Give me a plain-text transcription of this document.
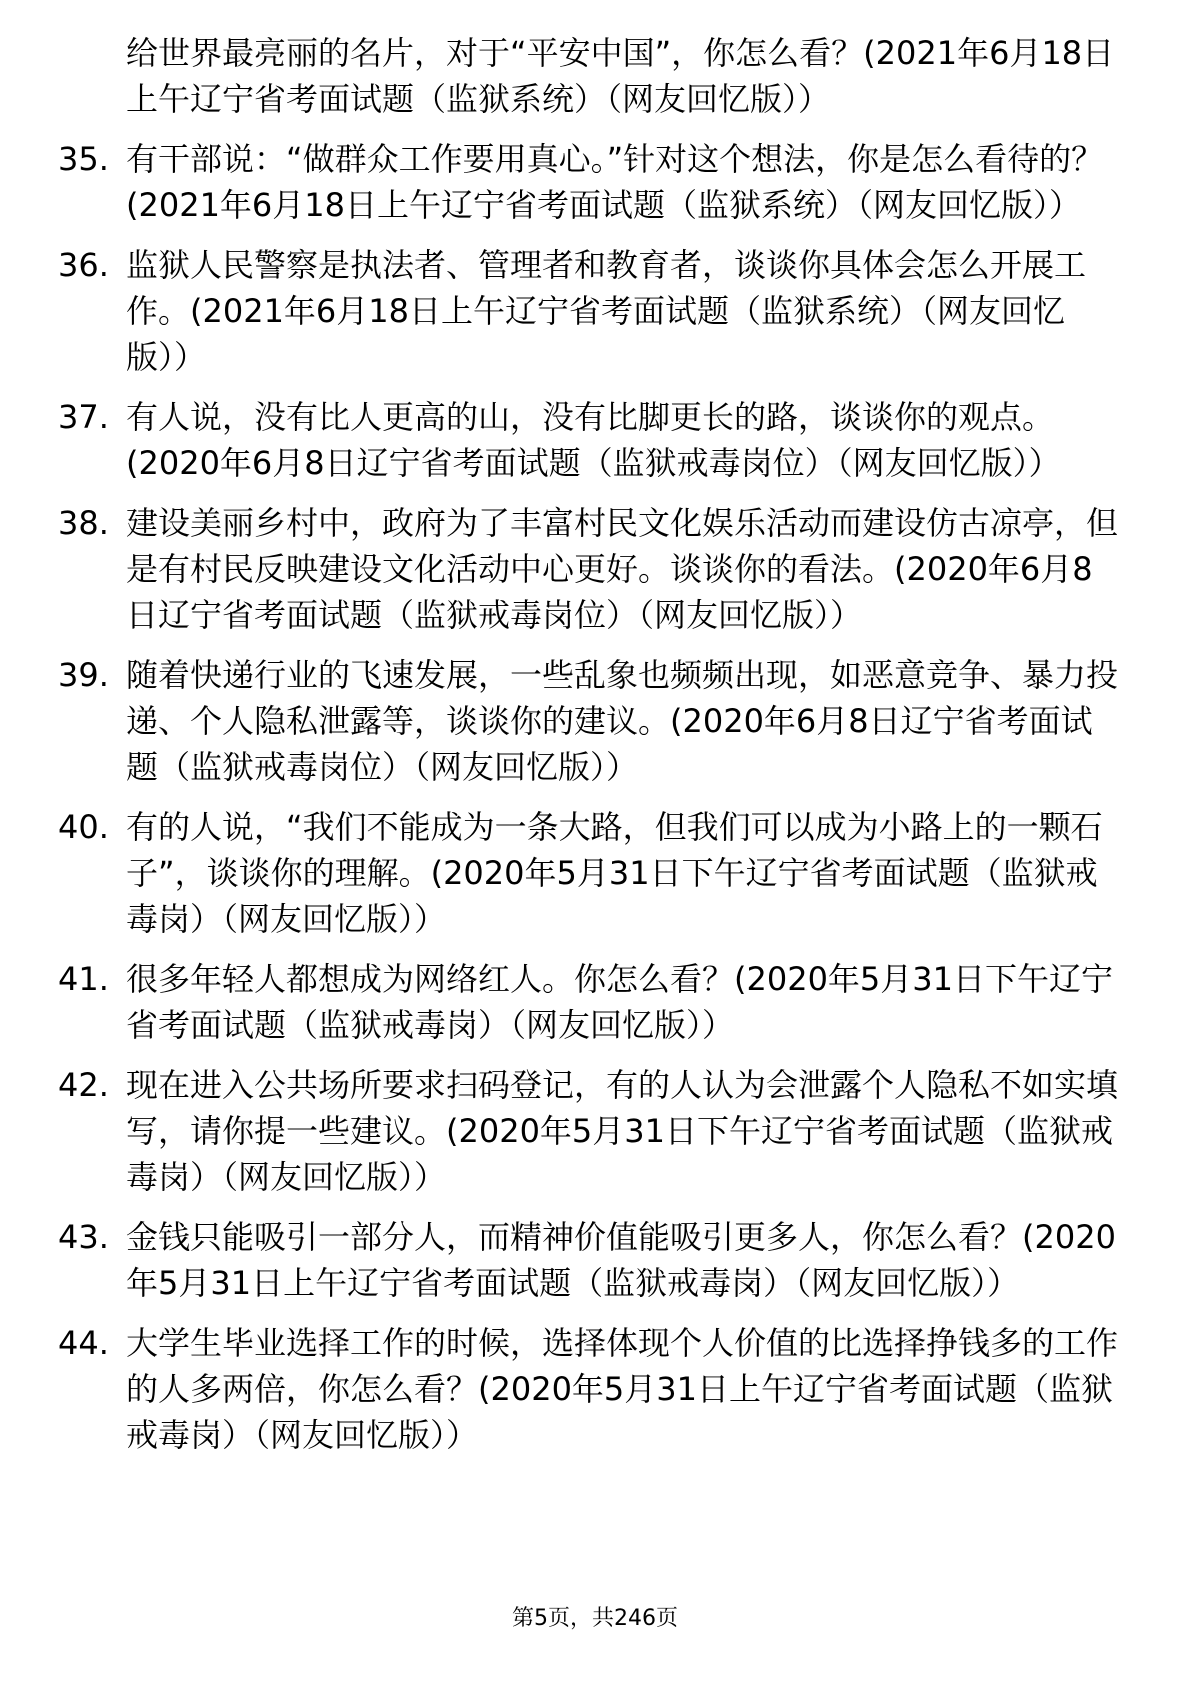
给世界最亮丽的名片，对于“平安中国”，你怎么看？(2021年6月18日上午辽宁省考面试题（监狱系统）（网友回忆版））
35. 有干部说：“做群众工作要用真心。”针对这个想法，你是怎么看待的？(2021年6月18日上午辽宁省考面试题（监狱系统）（网友回忆版））
36. 监狱人民警察是执法者、管理者和教育者，谈谈你具体会怎么开展工作。(2021年6月18日上午辽宁省考面试题（监狱系统）（网友回忆版））
37. 有人说，没有比人更高的山，没有比脚更长的路，谈谈你的观点。(2020年6月8日辽宁省考面试题（监狱戒毒岗位）（网友回忆版））
38. 建设美丽乡村中，政府为了丰富村民文化娱乐活动而建设仿古凉亭，但是有村民反映建设文化活动中心更好。谈谈你的看法。(2020年6月8日辽宁省考面试题（监狱戒毒岗位）（网友回忆版））
39. 随着快递行业的飞速发展，一些乱象也频频出现，如恶意竞争、暴力投递、个人隐私泄露等，谈谈你的建议。(2020年6月8日辽宁省考面试题（监狱戒毒岗位）（网友回忆版））
40. 有的人说，“我们不能成为一条大路，但我们可以成为小路上的一颗石子”，谈谈你的理解。(2020年5月31日下午辽宁省考面试题（监狱戒毒岗）（网友回忆版））
41. 很多年轻人都想成为网络红人。你怎么看？(2020年5月31日下午辽宁省考面试题（监狱戒毒岗）（网友回忆版））
42. 现在进入公共场所要求扫码登记，有的人认为会泄露个人隐私不如实填写，请你提一些建议。(2020年5月31日下午辽宁省考面试题（监狱戒毒岗）（网友回忆版））
43. 金钱只能吸引一部分人，而精神价值能吸引更多人，你怎么看？(2020年5月31日上午辽宁省考面试题（监狱戒毒岗）（网友回忆版））
44. 大学生毕业选择工作的时候，选择体现个人价值的比选择挣钱多的工作的人多两倍，你怎么看？(2020年5月31日上午辽宁省考面试题（监狱戒毒岗）（网友回忆版））
第5页，共246页
